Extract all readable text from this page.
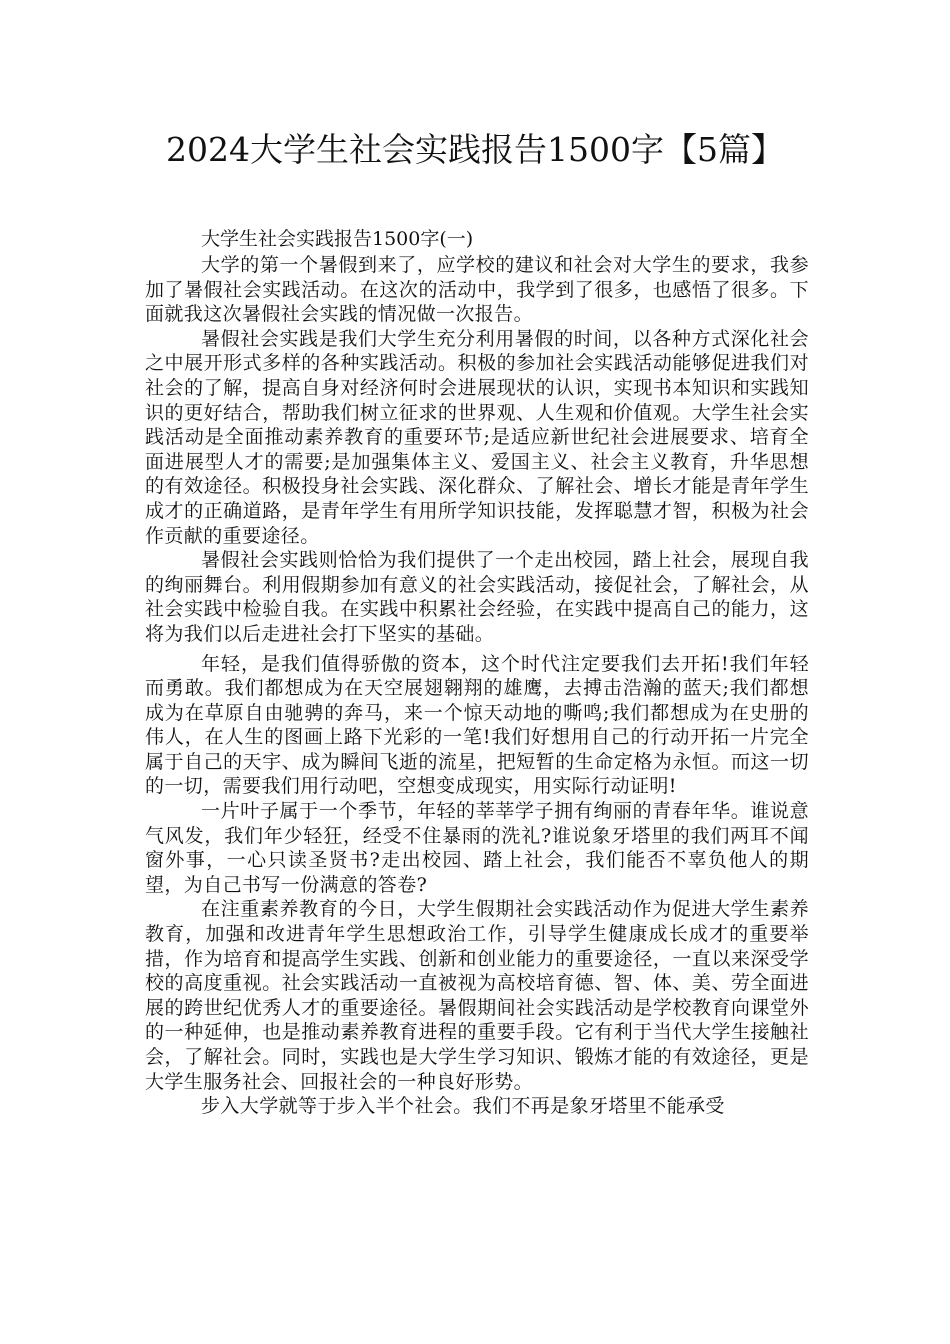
2024大学生社会实践报告1500字【5篇】

大学生社会实践报告1500字(一)

大学的第一个暑假到来了，应学校的建议和社会对大学生的要求，我参加了暑假社会实践活动。在这次的活动中，我学到了很多，也感悟了很多。下面就我这次暑假社会实践的情况做一次报告。

暑假社会实践是我们大学生充分利用暑假的时间，以各种方式深化社会之中展开形式多样的各种实践活动。积极的参加社会实践活动能够促进我们对社会的了解，提高自身对经济何时会进展现状的认识，实现书本知识和实践知识的更好结合，帮助我们树立征求的世界观、人生观和价值观。大学生社会实践活动是全面推动素养教育的重要环节;是适应新世纪社会进展要求、培育全面进展型人才的需要;是加强集体主义、爱国主义、社会主义教育，升华思想的有效途径。积极投身社会实践、深化群众、了解社会、增长才能是青年学生成才的正确道路，是青年学生有用所学知识技能，发挥聪慧才智，积极为社会作贡献的重要途径。

暑假社会实践则恰恰为我们提供了一个走出校园，踏上社会，展现自我的绚丽舞台。利用假期参加有意义的社会实践活动，接促社会，了解社会，从社会实践中检验自我。在实践中积累社会经验，在实践中提高自己的能力，这将为我们以后走进社会打下坚实的基础。

年轻，是我们值得骄傲的资本，这个时代注定要我们去开拓!我们年轻而勇敢。我们都想成为在天空展翅翱翔的雄鹰，去搏击浩瀚的蓝天;我们都想成为在草原自由驰骋的奔马，来一个惊天动地的嘶鸣;我们都想成为在史册的伟人，在人生的图画上路下光彩的一笔!我们好想用自己的行动开拓一片完全属于自己的天宇、成为瞬间飞逝的流星，把短暂的生命定格为永恒。而这一切的一切，需要我们用行动吧，空想变成现实，用实际行动证明!

一片叶子属于一个季节，年轻的莘莘学子拥有绚丽的青春年华。谁说意气风发，我们年少轻狂，经受不住暴雨的洗礼?谁说象牙塔里的我们两耳不闻窗外事，一心只读圣贤书?走出校园、踏上社会，我们能否不辜负他人的期望，为自己书写一份满意的答卷?

在注重素养教育的今日，大学生假期社会实践活动作为促进大学生素养教育，加强和改进青年学生思想政治工作，引导学生健康成长成才的重要举措，作为培育和提高学生实践、创新和创业能力的重要途径，一直以来深受学校的高度重视。社会实践活动一直被视为高校培育德、智、体、美、劳全面进展的跨世纪优秀人才的重要途径。暑假期间社会实践活动是学校教育向课堂外的一种延伸，也是推动素养教育进程的重要手段。它有利于当代大学生接触社会，了解社会。同时，实践也是大学生学习知识、锻炼才能的有效途径，更是大学生服务社会、回报社会的一种良好形势。

步入大学就等于步入半个社会。我们不再是象牙塔里不能承受
